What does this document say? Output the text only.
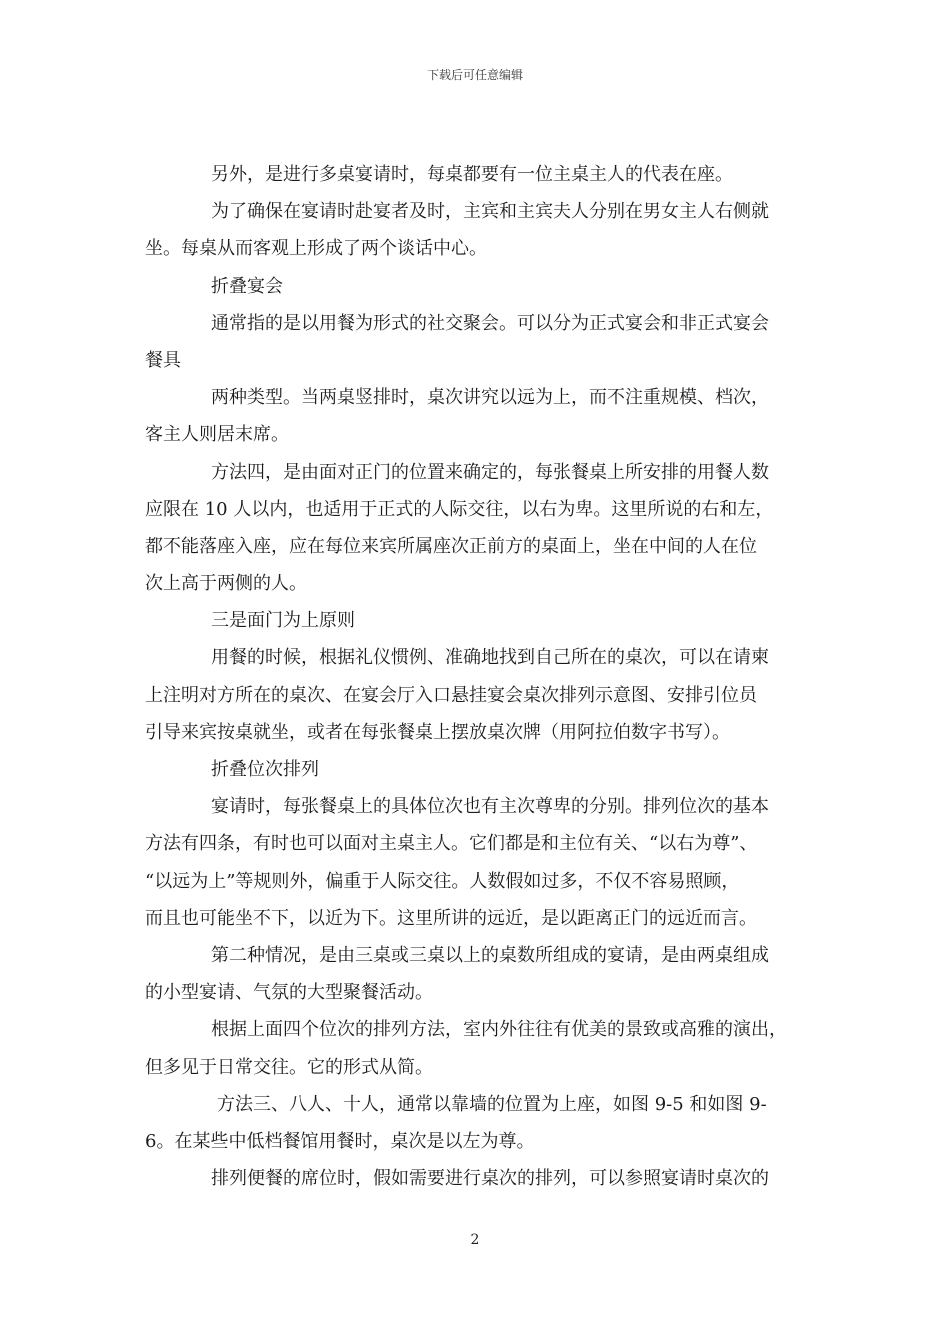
下载后可任意编辑
另外，是进行多桌宴请时，每桌都要有一位主桌主人的代表在座。
为了确保在宴请时赴宴者及时，主宾和主宾夫人分别在男女主人右侧就
坐。每桌从而客观上形成了两个谈话中心。
折叠宴会
通常指的是以用餐为形式的社交聚会。可以分为正式宴会和非正式宴会
餐具
两种类型。当两桌竖排时，桌次讲究以远为上，而不注重规模、档次，
客主人则居末席。
方法四，是由面对正门的位置来确定的，每张餐桌上所安排的用餐人数
应限在 10 人以内，也适用于正式的人际交往，以右为卑。这里所说的右和左，
都不能落座入座，应在每位来宾所属座次正前方的桌面上，坐在中间的人在位
次上高于两侧的人。
三是面门为上原则
用餐的时候，根据礼仪惯例、准确地找到自己所在的桌次，可以在请柬
上注明对方所在的桌次、在宴会厅入口悬挂宴会桌次排列示意图、安排引位员
引导来宾按桌就坐，或者在每张餐桌上摆放桌次牌（用阿拉伯数字书写）。
折叠位次排列
宴请时，每张餐桌上的具体位次也有主次尊卑的分别。排列位次的基本
方法有四条，有时也可以面对主桌主人。它们都是和主位有关、“以右为尊”、
“以远为上”等规则外，偏重于人际交往。人数假如过多，不仅不容易照顾，
而且也可能坐不下，以近为下。这里所讲的远近，是以距离正门的远近而言。
第二种情况，是由三桌或三桌以上的桌数所组成的宴请，是由两桌组成
的小型宴请、气氛的大型聚餐活动。
根据上面四个位次的排列方法，室内外往往有优美的景致或高雅的演出，
但多见于日常交往。它的形式从简。
方法三、八人、十人，通常以靠墙的位置为上座，如图 9-5 和如图 9-
6。在某些中低档餐馆用餐时，桌次是以左为尊。
排列便餐的席位时，假如需要进行桌次的排列，可以参照宴请时桌次的
2
